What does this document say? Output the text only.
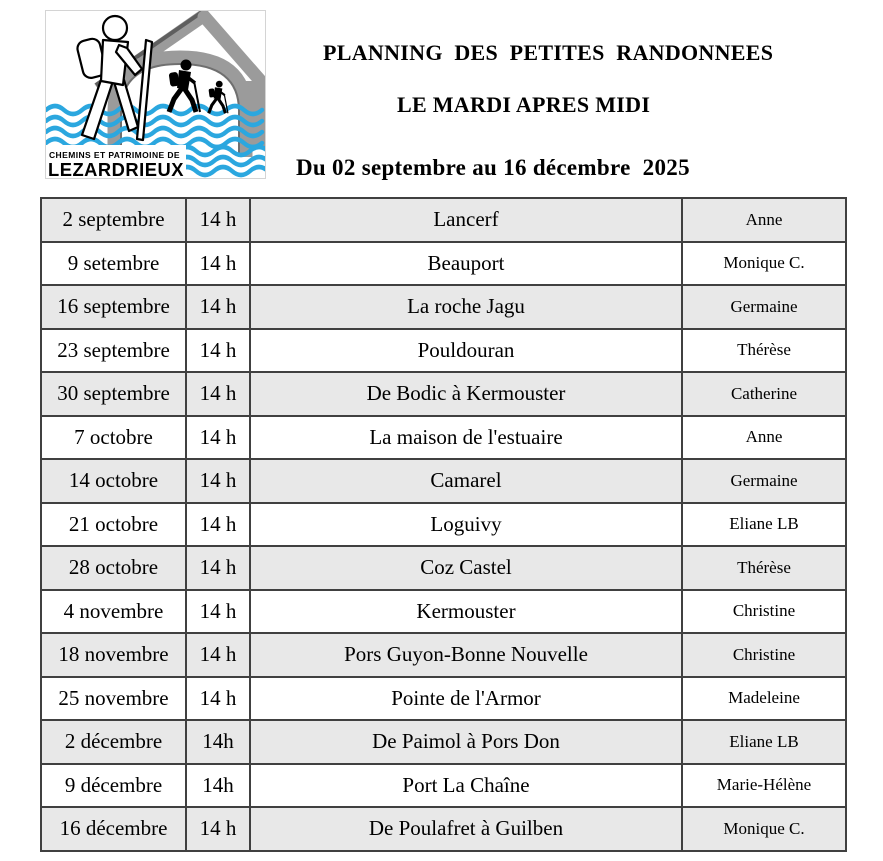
CHEMINS ET PATRIMOINE DE
LEZARDRIEUX
PLANNING  DES  PETITES  RANDONNEES
LE MARDI APRES MIDI
Du 02 septembre au 16 décembre  2025
2 septembre	14 h	Lancerf	Anne
9 setembre	14 h	Beauport	Monique C.
16 septembre	14 h	La roche Jagu	Germaine
23 septembre	14 h	Pouldouran	Thérèse
30 septembre	14 h	De Bodic à Kermouster	Catherine
7 octobre	14 h	La maison de l'estuaire	Anne
14 octobre	14 h	Camarel	Germaine
21 octobre	14 h	Loguivy	Eliane LB
28 octobre	14 h	Coz Castel	Thérèse
4 novembre	14 h	Kermouster	Christine
18 novembre	14 h	Pors Guyon-Bonne Nouvelle	Christine
25 novembre	14 h	Pointe de l'Armor	Madeleine
2 décembre	14h	De Paimol à Pors Don	Eliane LB
9 décembre	14h	Port La Chaîne	Marie-Hélène
16 décembre	14 h	De Poulafret à Guilben	Monique C.
